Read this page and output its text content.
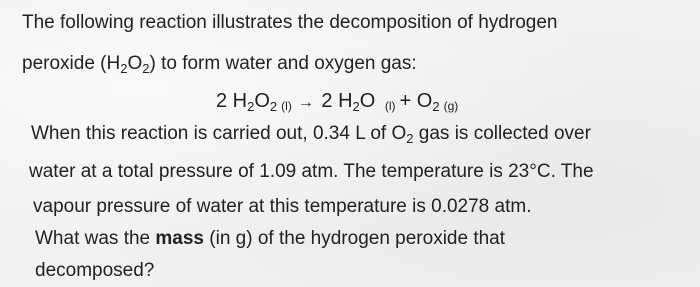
The following reaction illustrates the decomposition of hydrogen
peroxide $(H_2O_2)$ to form water and oxygen gas:
2 $H_2O_2$ (l) → 2 $H_2O$ $(l) + O_2$ (g)
When this reaction is carried out, 0.34 L of $O_2$ gas is collected over
water at a total pressure of 1.09 atm. The temperature is 23°C. The
vapour pressure of water at this temperature is 0.0278 atm.
What was the mass (in g) of the hydrogen peroxide that
decomposed?
